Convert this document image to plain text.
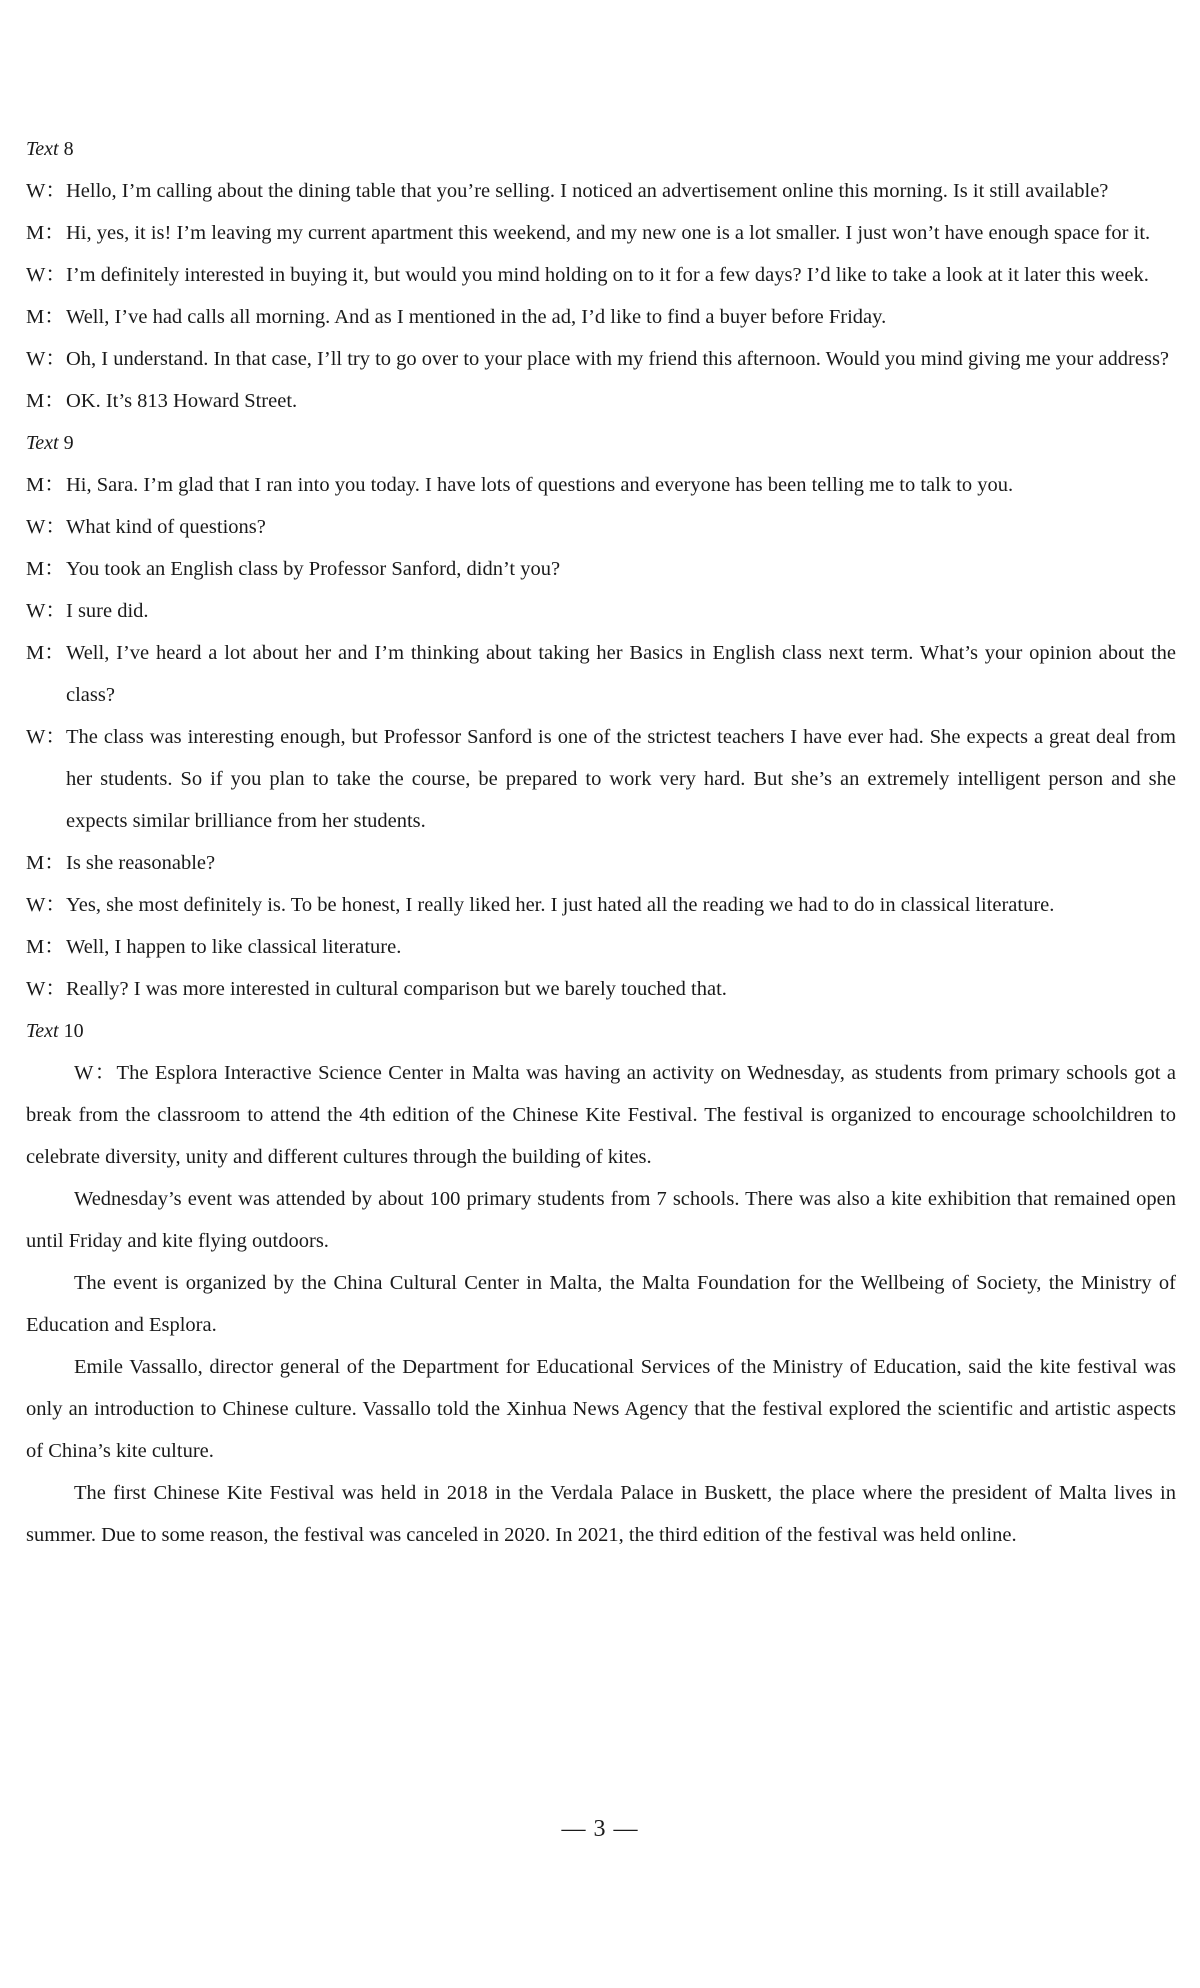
Text 8
W：Hello, I’m calling about the dining table that you’re selling. I noticed an advertisement online this morning. Is it still available?
M：Hi, yes, it is! I’m leaving my current apartment this weekend, and my new one is a lot smaller. I just won’t have enough space for it.
W：I’m definitely interested in buying it, but would you mind holding on to it for a few days? I’d like to take a look at it later this week.
M：Well, I’ve had calls all morning. And as I mentioned in the ad, I’d like to find a buyer before Friday.
W：Oh, I understand. In that case, I’ll try to go over to your place with my friend this afternoon. Would you mind giving me your address?
M：OK. It’s 813 Howard Street.
Text 9
M：Hi, Sara. I’m glad that I ran into you today. I have lots of questions and everyone has been telling me to talk to you.
W：What kind of questions?
M：You took an English class by Professor Sanford, didn’t you?
W：I sure did.
M：Well, I’ve heard a lot about her and I’m thinking about taking her Basics in English class next term. What’s your opinion about the class?
W：The class was interesting enough, but Professor Sanford is one of the strictest teachers I have ever had. She expects a great deal from her students. So if you plan to take the course, be prepared to work very hard. But she’s an extremely intelligent person and she expects similar brilliance from her students.
M：Is she reasonable?
W：Yes, she most definitely is. To be honest, I really liked her. I just hated all the reading we had to do in classical literature.
M：Well, I happen to like classical literature.
W：Really? I was more interested in cultural comparison but we barely touched that.
Text 10

W：The Esplora Interactive Science Center in Malta was having an activity on Wednesday, as students from primary schools got a break from the classroom to attend the 4th edition of the Chinese Kite Festival. The festival is organized to encourage schoolchildren to celebrate diversity, unity and different cultures through the building of kites.

Wednesday’s event was attended by about 100 primary students from 7 schools. There was also a kite exhibition that remained open until Friday and kite flying outdoors.

The event is organized by the China Cultural Center in Malta, the Malta Foundation for the Wellbeing of Society, the Ministry of Education and Esplora.

Emile Vassallo, director general of the Department for Educational Services of the Ministry of Education, said the kite festival was only an introduction to Chinese culture. Vassallo told the Xinhua News Agency that the festival explored the scientific and artistic aspects of China’s kite culture.

The first Chinese Kite Festival was held in 2018 in the Verdala Palace in Buskett, the place where the president of Malta lives in summer. Due to some reason, the festival was canceled in 2020. In 2021, the third edition of the festival was held online.

— 3 —
